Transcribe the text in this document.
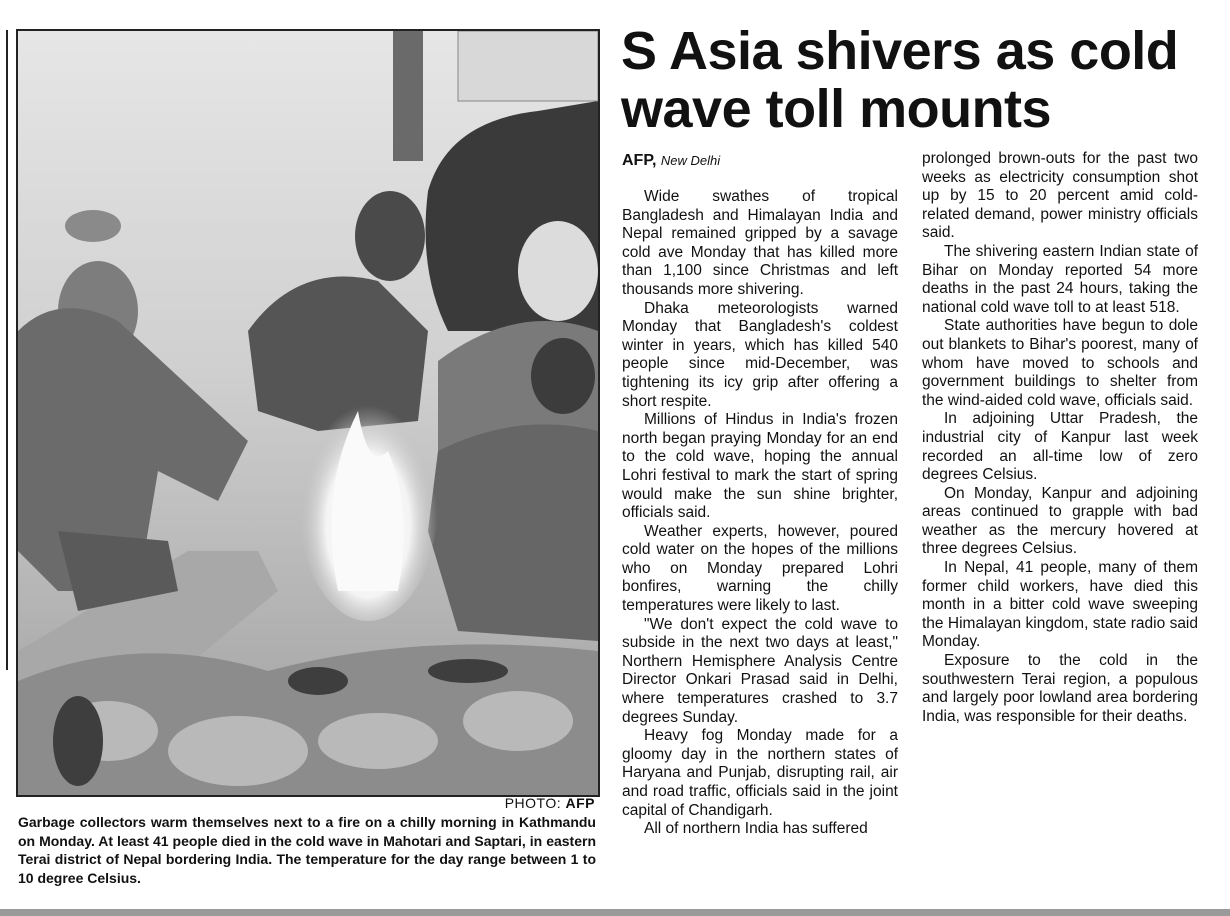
PHOTO: AFP
Garbage collectors warm themselves next to a fire on a chilly morning in Kathmandu on Monday. At least 41 people died in the cold wave in Mahotari and Saptari, in eastern Terai district of Nepal bordering India. The temperature for the day range between 1 to 10 degree Celsius.
S Asia shivers as cold wave toll mounts
AFP, New Delhi

Wide swathes of tropical Bangladesh and Himalayan India and Nepal remained gripped by a savage cold ave Monday that has killed more than 1,100 since Christmas and left thousands more shivering.

Dhaka meteorologists warned Monday that Bangladesh's coldest winter in years, which has killed 540 people since mid-December, was tightening its icy grip after offering a short respite.

Millions of Hindus in India's frozen north began praying Monday for an end to the cold wave, hoping the annual Lohri festival to mark the start of spring would make the sun shine brighter, officials said.

Weather experts, however, poured cold water on the hopes of the millions who on Monday prepared Lohri bonfires, warning the chilly temperatures were likely to last.

"We don't expect the cold wave to subside in the next two days at least," Northern Hemisphere Analysis Centre Director Onkari Prasad said in Delhi, where temperatures crashed to 3.7 degrees Sunday.

Heavy fog Monday made for a gloomy day in the northern states of Haryana and Punjab, disrupting rail, air and road traffic, officials said in the joint capital of Chandigarh.

All of northern India has suffered

prolonged brown-outs for the past two weeks as electricity consumption shot up by 15 to 20 percent amid cold-related demand, power ministry officials said.

The shivering eastern Indian state of Bihar on Monday reported 54 more deaths in the past 24 hours, taking the national cold wave toll to at least 518.

State authorities have begun to dole out blankets to Bihar's poorest, many of whom have moved to schools and government buildings to shelter from the wind-aided cold wave, officials said.

In adjoining Uttar Pradesh, the industrial city of Kanpur last week recorded an all-time low of zero degrees Celsius.

On Monday, Kanpur and adjoining areas continued to grapple with bad weather as the mercury hovered at three degrees Celsius.

In Nepal, 41 people, many of them former child workers, have died this month in a bitter cold wave sweeping the Himalayan kingdom, state radio said Monday.

Exposure to the cold in the southwestern Terai region, a populous and largely poor lowland area bordering India, was responsible for their deaths.
